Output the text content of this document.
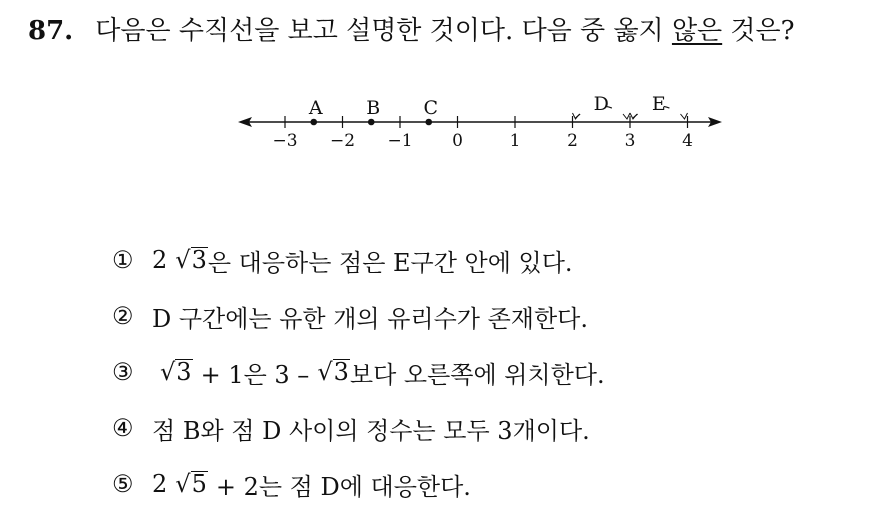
87. 다음은 수직선을 보고 설명한 것이다. 다음 중 옳지 않은 것은?
−3 −2 −1 0	1	2	3	4
A B C	D E
① 2 √3 은 대응하는 점은 E구간 안에 있다.
② D 구간에는 유한 개의 유리수가 존재한다.
③	√3 + 1은 3 – √3 보다 오른쪽에 위치한다.
④ 점 B와 점 D 사이의 정수는 모두 3개이다.
⑤ 2 √5 + 2는 점 D에 대응한다.
